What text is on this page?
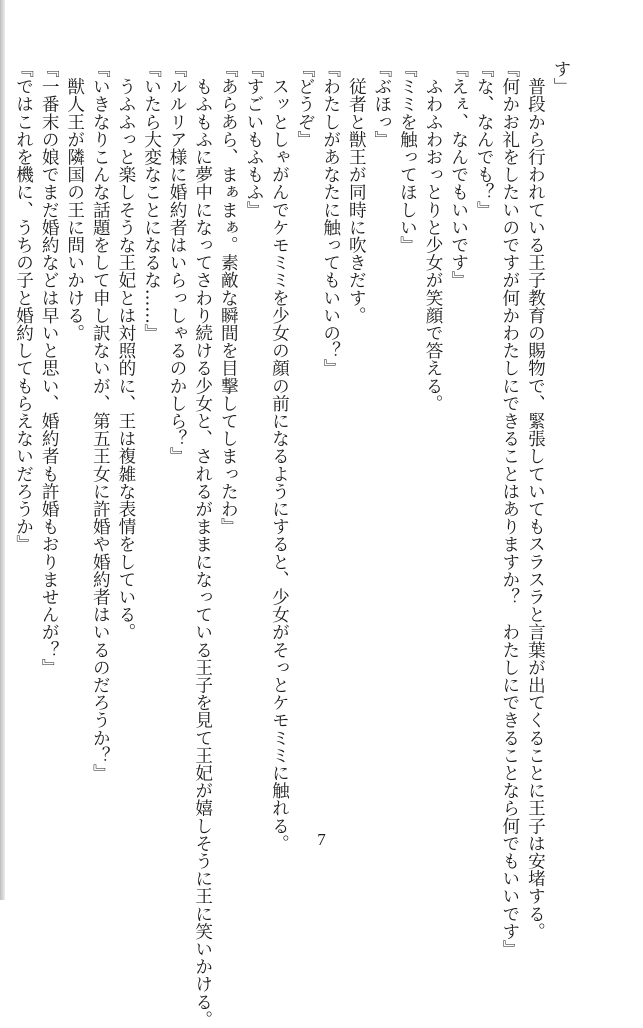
す」

　普段から行われている王子教育の賜物で、緊張していてもスラスラと言葉が出てくることに王子は安堵する。

『何かお礼をしたいのですが何かわたしにできることはありますか？　わたしにできることなら何でもいいです』

『な、なんでも？』

『えぇ、なんでもいいです』

　ふわふわおっとりと少女が笑顔で答える。

『ミミを触ってほしい』

『ぶほっ』

　従者と獣王が同時に吹きだす。

『わたしがあなたに触ってもいいの？』

『どうぞ』

　スッとしゃがんでケモミミを少女の顔の前になるようにすると、少女がそっとケモミミに触れる。

『すごいもふもふ』

『あらあら、まぁまぁ。素敵な瞬間を目撃してしまったわ』

　もふもふに夢中になってさわり続ける少女と、されるがままになっている王子を見て王妃が嬉しそうに王に笑いかける。

『ルルリア様に婚約者はいらっしゃるのかしら？』

『いたら大変なことになるな……』

　うふふっと楽しそうな王妃とは対照的に、王は複雑な表情をしている。

『いきなりこんな話題をして申し訳ないが、第五王女に許婚や婚約者はいるのだろうか？』

　獣人王が隣国の王に問いかける。

『一番末の娘でまだ婚約などは早いと思い、婚約者も許婚もおりませんが？』

『ではこれを機に、うちの子と婚約してもらえないだろうか』

7
